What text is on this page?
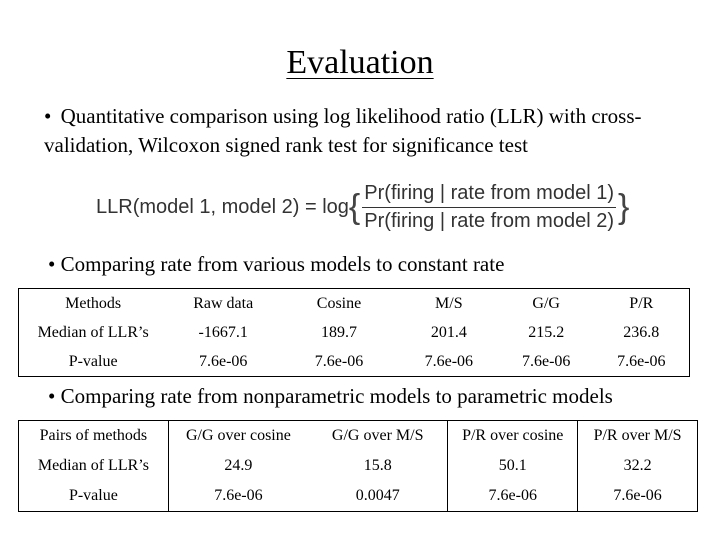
Evaluation
• Quantitative comparison using log likelihood ratio (LLR) with cross-validation, Wilcoxon signed rank test for significance test
LLR(model 1, model 2) = log { $\frac{\text{Pr(firing | rate from model 1)}}{\text{Pr(firing | rate from model 2)}}$ }
• Comparing rate from various models to constant rate
Methods	Raw data	Cosine	M/S	G/G	P/R
Median of LLR’s	-1667.1	189.7	201.4	215.2	236.8
P-value	7.6e-06	7.6e-06	7.6e-06	7.6e-06	7.6e-06
• Comparing rate from nonparametric models to parametric models
Pairs of methods	G/G over cosine	G/G over M/S	P/R over cosine	P/R over M/S
Median of LLR’s	24.9	15.8	50.1	32.2
P-value	7.6e-06	0.0047	7.6e-06	7.6e-06
